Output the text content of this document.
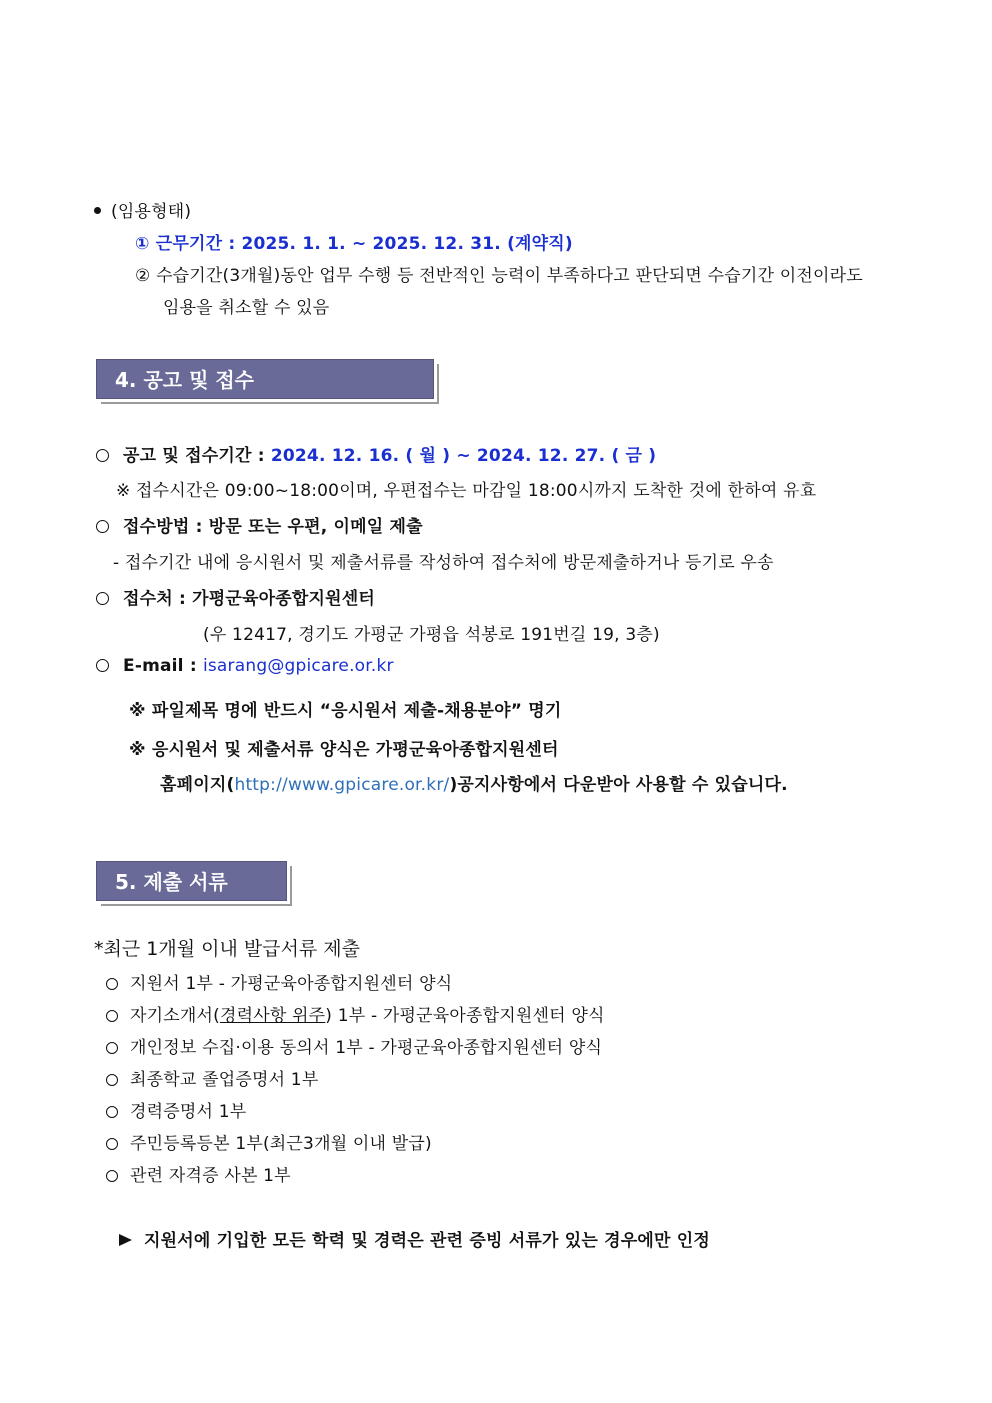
(임용형태)
① 근무기간 : 2025. 1. 1. ~ 2025. 12. 31. (계약직)
② 수습기간(3개월)동안 업무 수행 등 전반적인 능력이 부족하다고 판단되면 수습기간 이전이라도
임용을 취소할 수 있음
4. 공고 및 접수
공고 및 접수기간 : 2024. 12. 16. ( 월 ) ~ 2024. 12. 27. ( 금 )
※ 접수시간은 09:00~18:00이며, 우편접수는 마감일 18:00시까지 도착한 것에 한하여 유효
접수방법 : 방문 또는 우편, 이메일 제출
- 접수기간 내에 응시원서 및 제출서류를 작성하여 접수처에 방문제출하거나 등기로 우송
접수처 : 가평군육아종합지원센터
(우 12417, 경기도 가평군 가평읍 석봉로 191번길 19, 3층)
E-mail : isarang@gpicare.or.kr
※ 파일제목 명에 반드시 “응시원서 제출-채용분야” 명기
※ 응시원서 및 제출서류 양식은 가평군육아종합지원센터
홈페이지(http://www.gpicare.or.kr/)공지사항에서 다운받아 사용할 수 있습니다.
5. 제출 서류
*최근 1개월 이내 발급서류 제출
지원서 1부 - 가평군육아종합지원센터 양식
자기소개서(경력사항 위주) 1부 - 가평군육아종합지원센터 양식
개인정보 수집·이용 동의서 1부 - 가평군육아종합지원센터 양식
최종학교 졸업증명서 1부
경력증명서 1부
주민등록등본 1부(최근3개월 이내 발급)
관련 자격증 사본 1부
지원서에 기입한 모든 학력 및 경력은 관련 증빙 서류가 있는 경우에만 인정
